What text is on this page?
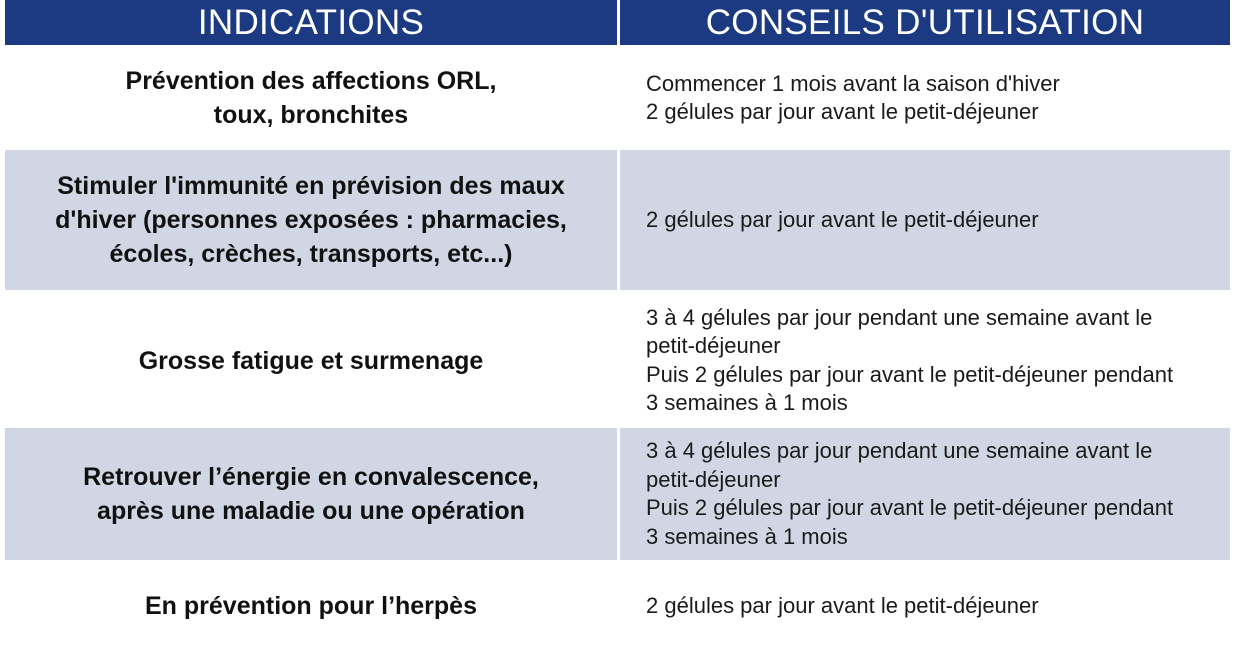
INDICATIONS	CONSEILS D'UTILISATION
Prévention des affections ORL,
toux, bronchites
Commencer 1 mois avant la saison d'hiver
2 gélules par jour avant le petit-déjeuner
Stimuler l'immunité en prévision des maux
d'hiver (personnes exposées : pharmacies,
écoles, crèches, transports, etc...)
2 gélules par jour avant le petit-déjeuner
Grosse fatigue et surmenage
3 à 4 gélules par jour pendant une semaine avant le
petit-déjeuner
Puis 2 gélules par jour avant le petit-déjeuner pendant
3 semaines à 1 mois
Retrouver l’énergie en convalescence,
après une maladie ou une opération
3 à 4 gélules par jour pendant une semaine avant le
petit-déjeuner
Puis 2 gélules par jour avant le petit-déjeuner pendant
3 semaines à 1 mois
En prévention pour l’herpès	2 gélules par jour avant le petit-déjeuner
